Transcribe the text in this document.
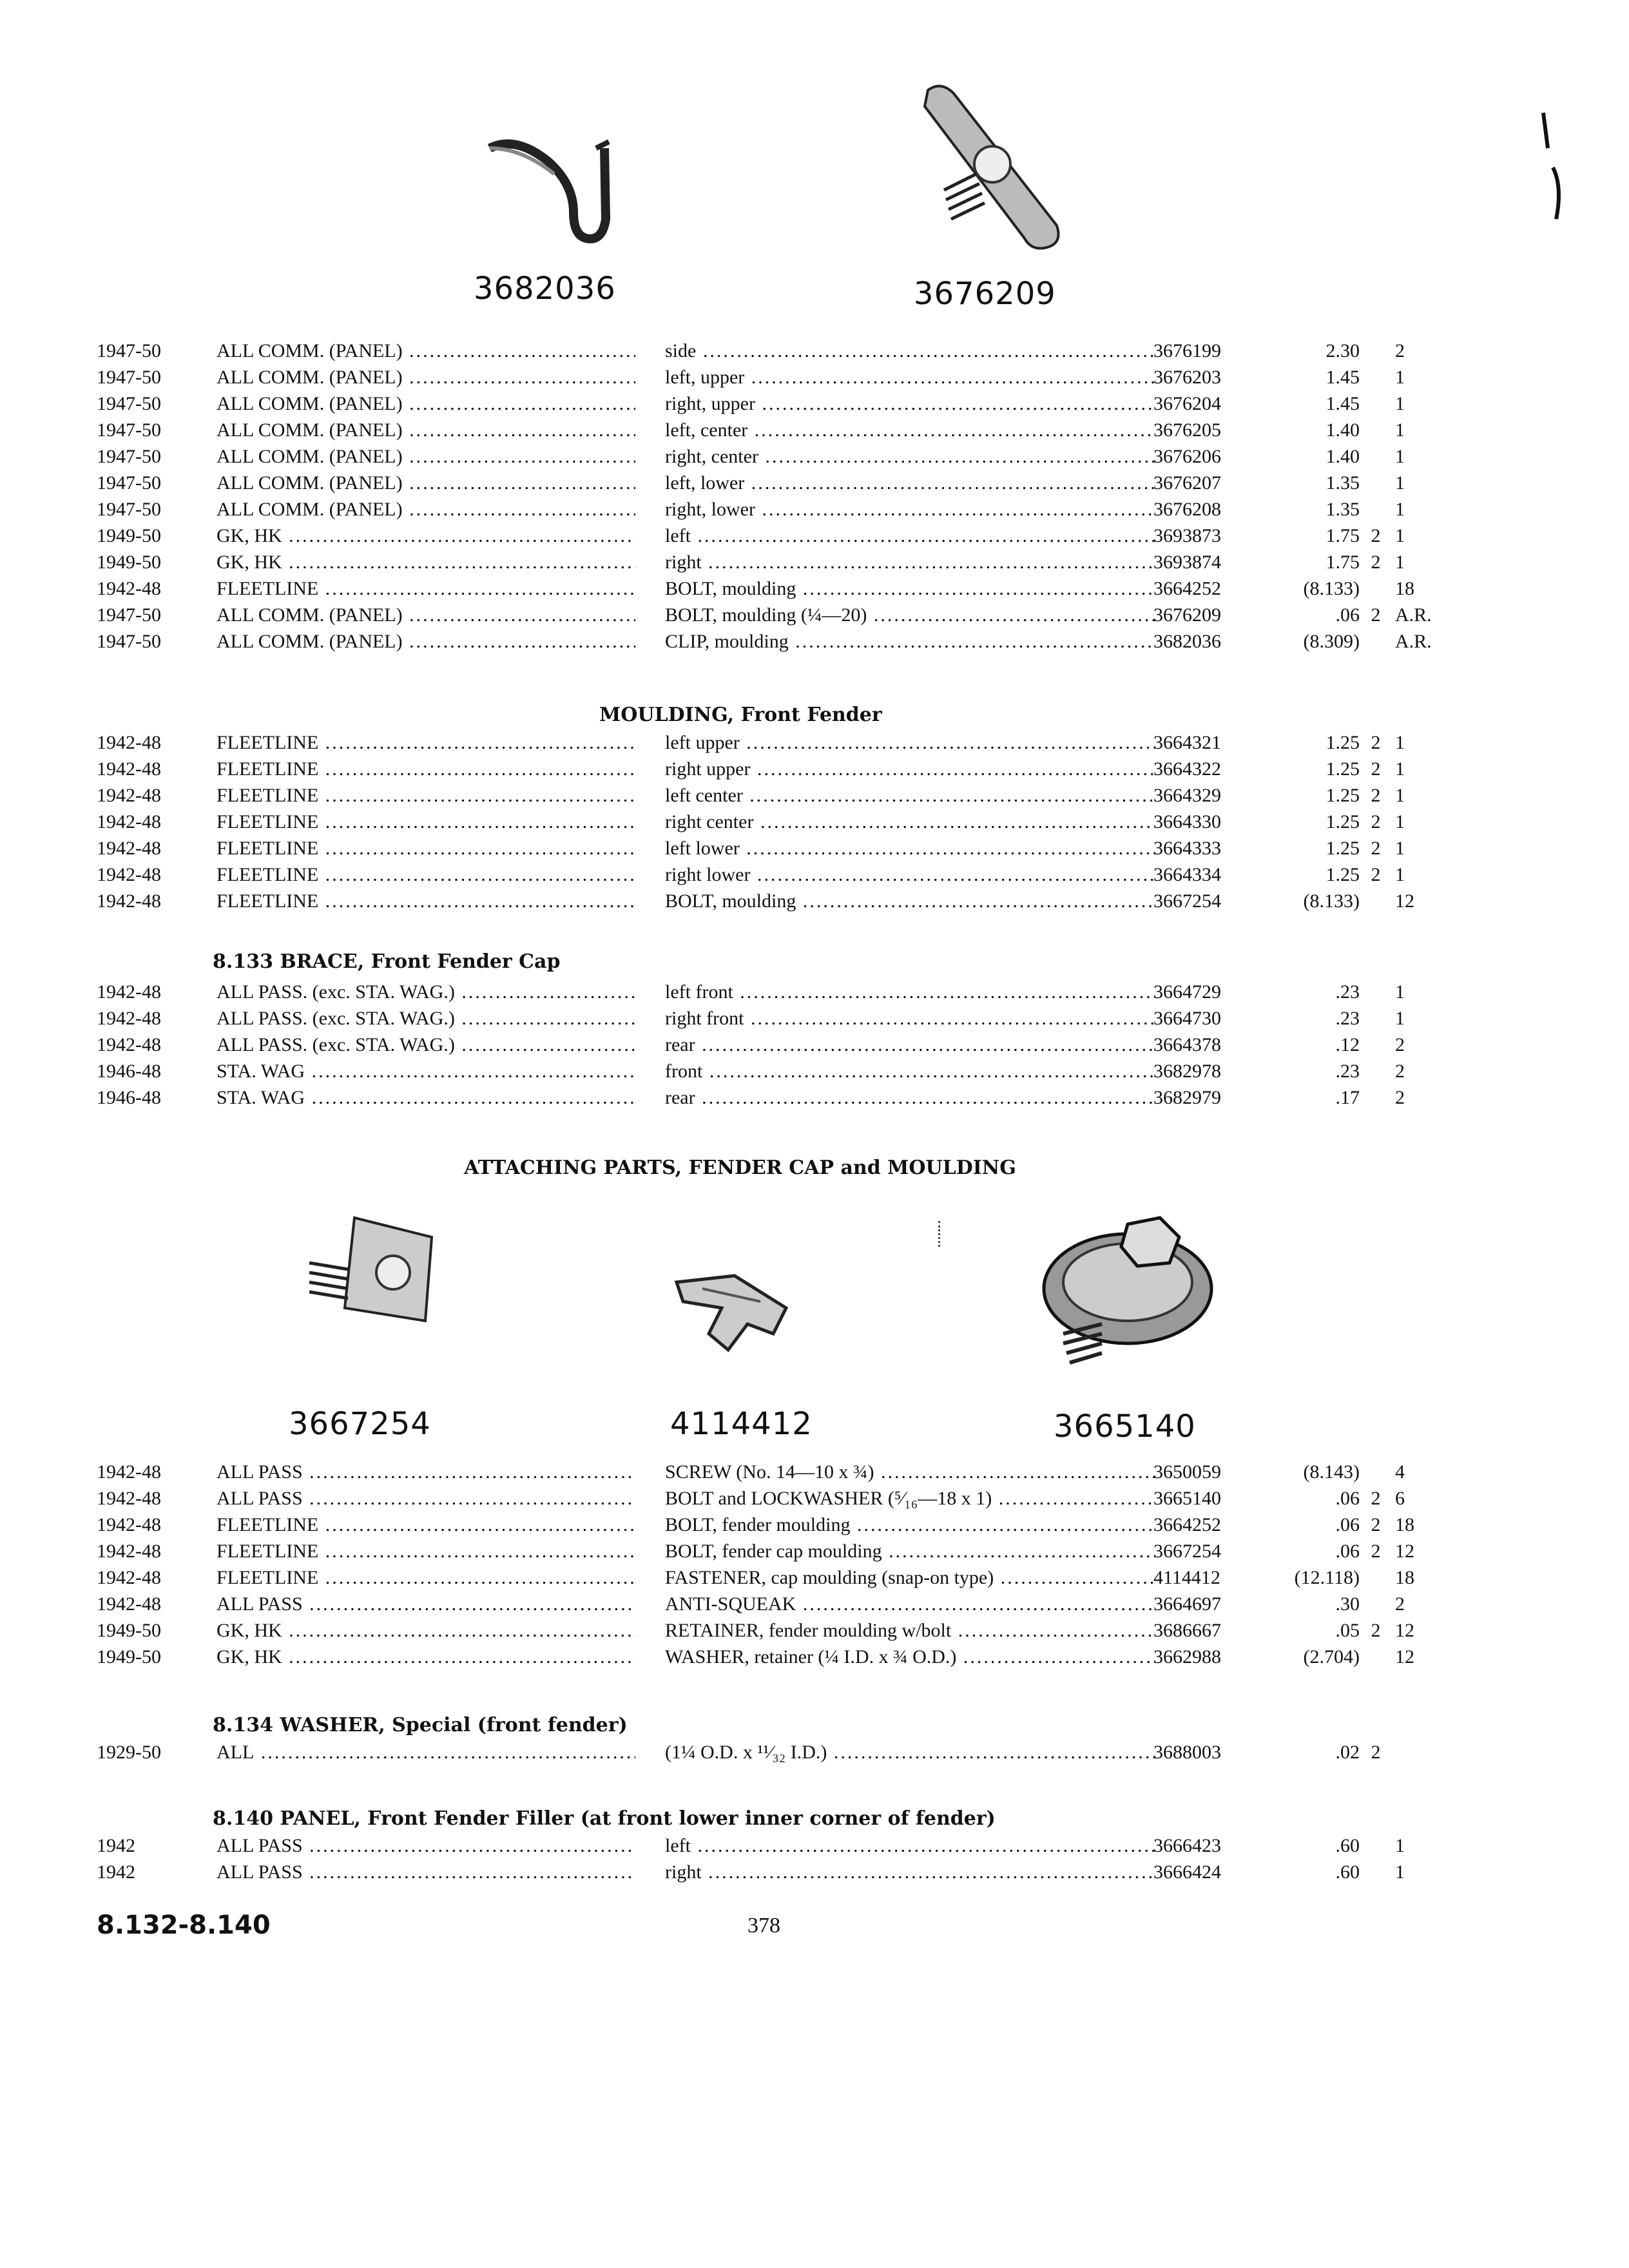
3682036	3676209
1947-50	ALL COMM. (PANEL) .....	side .....	3676199	2.30 2
1947-50	ALL COMM. (PANEL) .....	left, upper .....	3676203	1.45 1
1947-50	ALL COMM. (PANEL) .....	right, upper .....	3676204	1.45 1
1947-50	ALL COMM. (PANEL) .....	left, center .....	3676205	1.40 1
1947-50	ALL COMM. (PANEL) .....	right, center .....	3676206	1.40 1
1947-50	ALL COMM. (PANEL) .....	left, lower .....	3676207	1.35 1
1947-50	ALL COMM. (PANEL) .....	right, lower .....	3676208	1.35 1
1949-50	GK, HK .....	left .....	3693873	1.75 2 1
1949-50	GK, HK .....	right .....	3693874	1.75 2 1
1942-48	FLEETLINE .....	BOLT, moulding .....	3664252	(8.133) 18
1947-50	ALL COMM. (PANEL) .....	BOLT, moulding (¼—20) .....	3676209	.06 2 A.R.
1947-50	ALL COMM. (PANEL) .....	CLIP, moulding .....	3682036	(8.309) A.R.
MOULDING, Front Fender
1942-48	FLEETLINE .....	left upper .....	3664321	1.25 2 1
1942-48	FLEETLINE .....	right upper .....	3664322	1.25 2 1
1942-48	FLEETLINE .....	left center .....	3664329	1.25 2 1
1942-48	FLEETLINE .....	right center .....	3664330	1.25 2 1
1942-48	FLEETLINE .....	left lower .....	3664333	1.25 2 1
1942-48	FLEETLINE .....	right lower .....	3664334	1.25 2 1
1942-48	FLEETLINE .....	BOLT, moulding .....	3667254	(8.133) 12
8.133 BRACE, Front Fender Cap
1942-48	ALL PASS. (exc. STA. WAG.) .....	left front .....	3664729	.23 1
1942-48	ALL PASS. (exc. STA. WAG.) .....	right front .....	3664730	.23 1
1942-48	ALL PASS. (exc. STA. WAG.) .....	rear .....	3664378	.12 2
1946-48	STA. WAG .....	front .....	3682978	.23 2
1946-48	STA. WAG .....	rear .....	3682979	.17 2
ATTACHING PARTS, FENDER CAP and MOULDING
3667254	4114412	3665140
1942-48	ALL PASS .....	SCREW (No. 14—10 x ¾) .....	3650059	(8.143) 4
1942-48	ALL PASS .....	BOLT and LOCKWASHER (⁵⁄₁₆—18 x 1) .....	3665140	.06 2 6
1942-48	FLEETLINE .....	BOLT, fender moulding .....	3664252	.06 2 18
1942-48	FLEETLINE .....	BOLT, fender cap moulding .....	3667254	.06 2 12
1942-48	FLEETLINE .....	FASTENER, cap moulding (snap-on type) .....	4114412	(12.118) 18
1942-48	ALL PASS .....	ANTI-SQUEAK .....	3664697	.30 2
1949-50	GK, HK .....	RETAINER, fender moulding w/bolt .....	3686667	.05 2 12
1949-50	GK, HK .....	WASHER, retainer (¼ I.D. x ¾ O.D.) .....	3662988	(2.704) 12
8.134 WASHER, Special (front fender)
1929-50	ALL .....	(1¼ O.D. x ¹¹⁄₃₂ I.D.) .....	3688003	.02 2
8.140 PANEL, Front Fender Filler (at front lower inner corner of fender)
1942	ALL PASS .....	left .....	3666423	.60 1
1942	ALL PASS .....	right .....	3666424	.60 1
8.132-8.140	378
